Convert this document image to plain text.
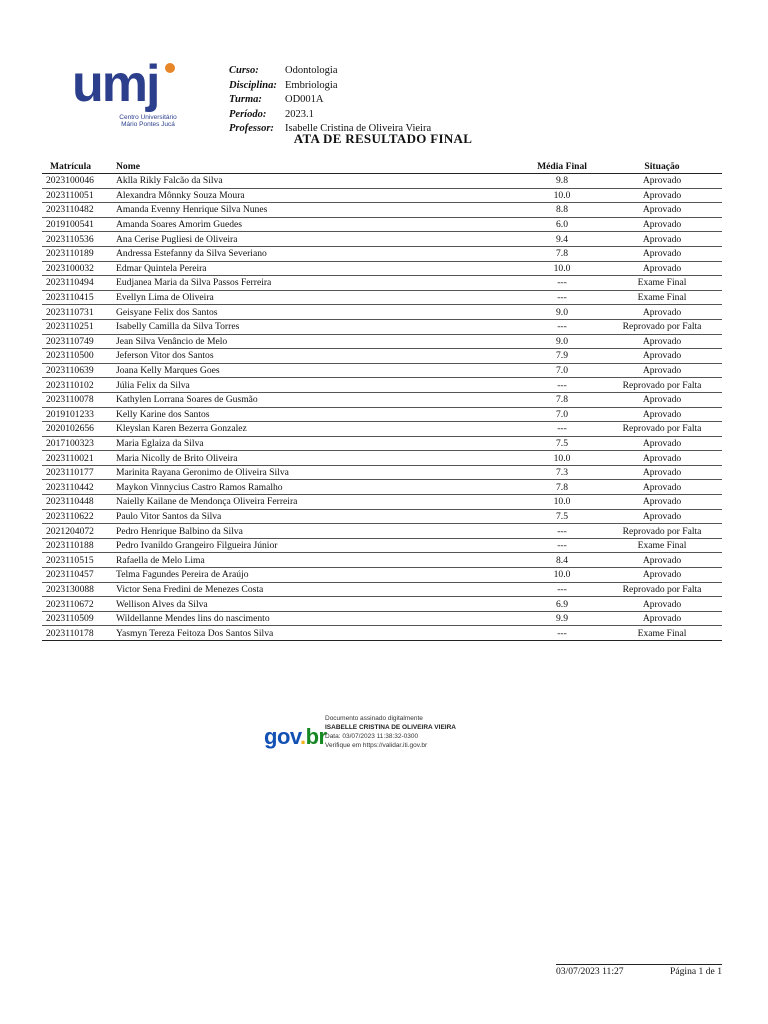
umj
Centro Universitário
Mário Pontes Jucá
Curso: Odontologia
Disciplina: Embriologia
Turma: OD001A
Período: 2023.1
Professor: Isabelle Cristina de Oliveira Vieira
ATA DE RESULTADO FINAL
Matrícula	Nome	Média Final	Situação
2023100046	Aklla Rikly Falcão da Silva	9.8	Aprovado
2023110051	Alexandra Mônnky Souza Moura	10.0	Aprovado
2023110482	Amanda Evenny Henrique Silva Nunes	8.8	Aprovado
2019100541	Amanda Soares Amorim Guedes	6.0	Aprovado
2023110536	Ana Cerise Pugliesi de Oliveira	9.4	Aprovado
2023110189	Andressa Estefanny da Silva Severiano	7.8	Aprovado
2023100032	Edmar Quintela Pereira	10.0	Aprovado
2023110494	Eudjanea Maria da Silva Passos Ferreira	---	Exame Final
2023110415	Evellyn Lima de Oliveira	---	Exame Final
2023110731	Geisyane Felix dos Santos	9.0	Aprovado
2023110251	Isabelly Camilla da Silva Torres	---	Reprovado por Falta
2023110749	Jean Silva Venâncio de Melo	9.0	Aprovado
2023110500	Jeferson Vitor dos Santos	7.9	Aprovado
2023110639	Joana Kelly Marques Goes	7.0	Aprovado
2023110102	Júlia Felix da Silva	---	Reprovado por Falta
2023110078	Kathylen Lorrana Soares de Gusmão	7.8	Aprovado
2019101233	Kelly Karine dos Santos	7.0	Aprovado
2020102656	Kleyslan Karen Bezerra Gonzalez	---	Reprovado por Falta
2017100323	Maria Eglaiza da Silva	7.5	Aprovado
2023110021	Maria Nicolly de Brito Oliveira	10.0	Aprovado
2023110177	Marinita Rayana Geronimo de Oliveira Silva	7.3	Aprovado
2023110442	Maykon Vinnycius Castro Ramos Ramalho	7.8	Aprovado
2023110448	Naielly Kailane de Mendonça Oliveira Ferreira	10.0	Aprovado
2023110622	Paulo Vitor Santos da Silva	7.5	Aprovado
2021204072	Pedro Henrique Balbino da Silva	---	Reprovado por Falta
2023110188	Pedro Ivanildo Grangeiro Filgueira Júnior	---	Exame Final
2023110515	Rafaella de Melo Lima	8.4	Aprovado
2023110457	Telma Fagundes Pereira de Araújo	10.0	Aprovado
2023130088	Victor Sena Fredini de Menezes Costa	---	Reprovado por Falta
2023110672	Wellison Alves da Silva	6.9	Aprovado
2023110509	Wildellanne Mendes lins do nascimento	9.9	Aprovado
2023110178	Yasmyn Tereza Feitoza Dos Santos Silva	---	Exame Final
gov.br
Documento assinado digitalmente
ISABELLE CRISTINA DE OLIVEIRA VIEIRA
Data: 03/07/2023 11:38:32-0300
Verifique em https://validar.iti.gov.br
03/07/2023 11:27	Página 1 de 1
